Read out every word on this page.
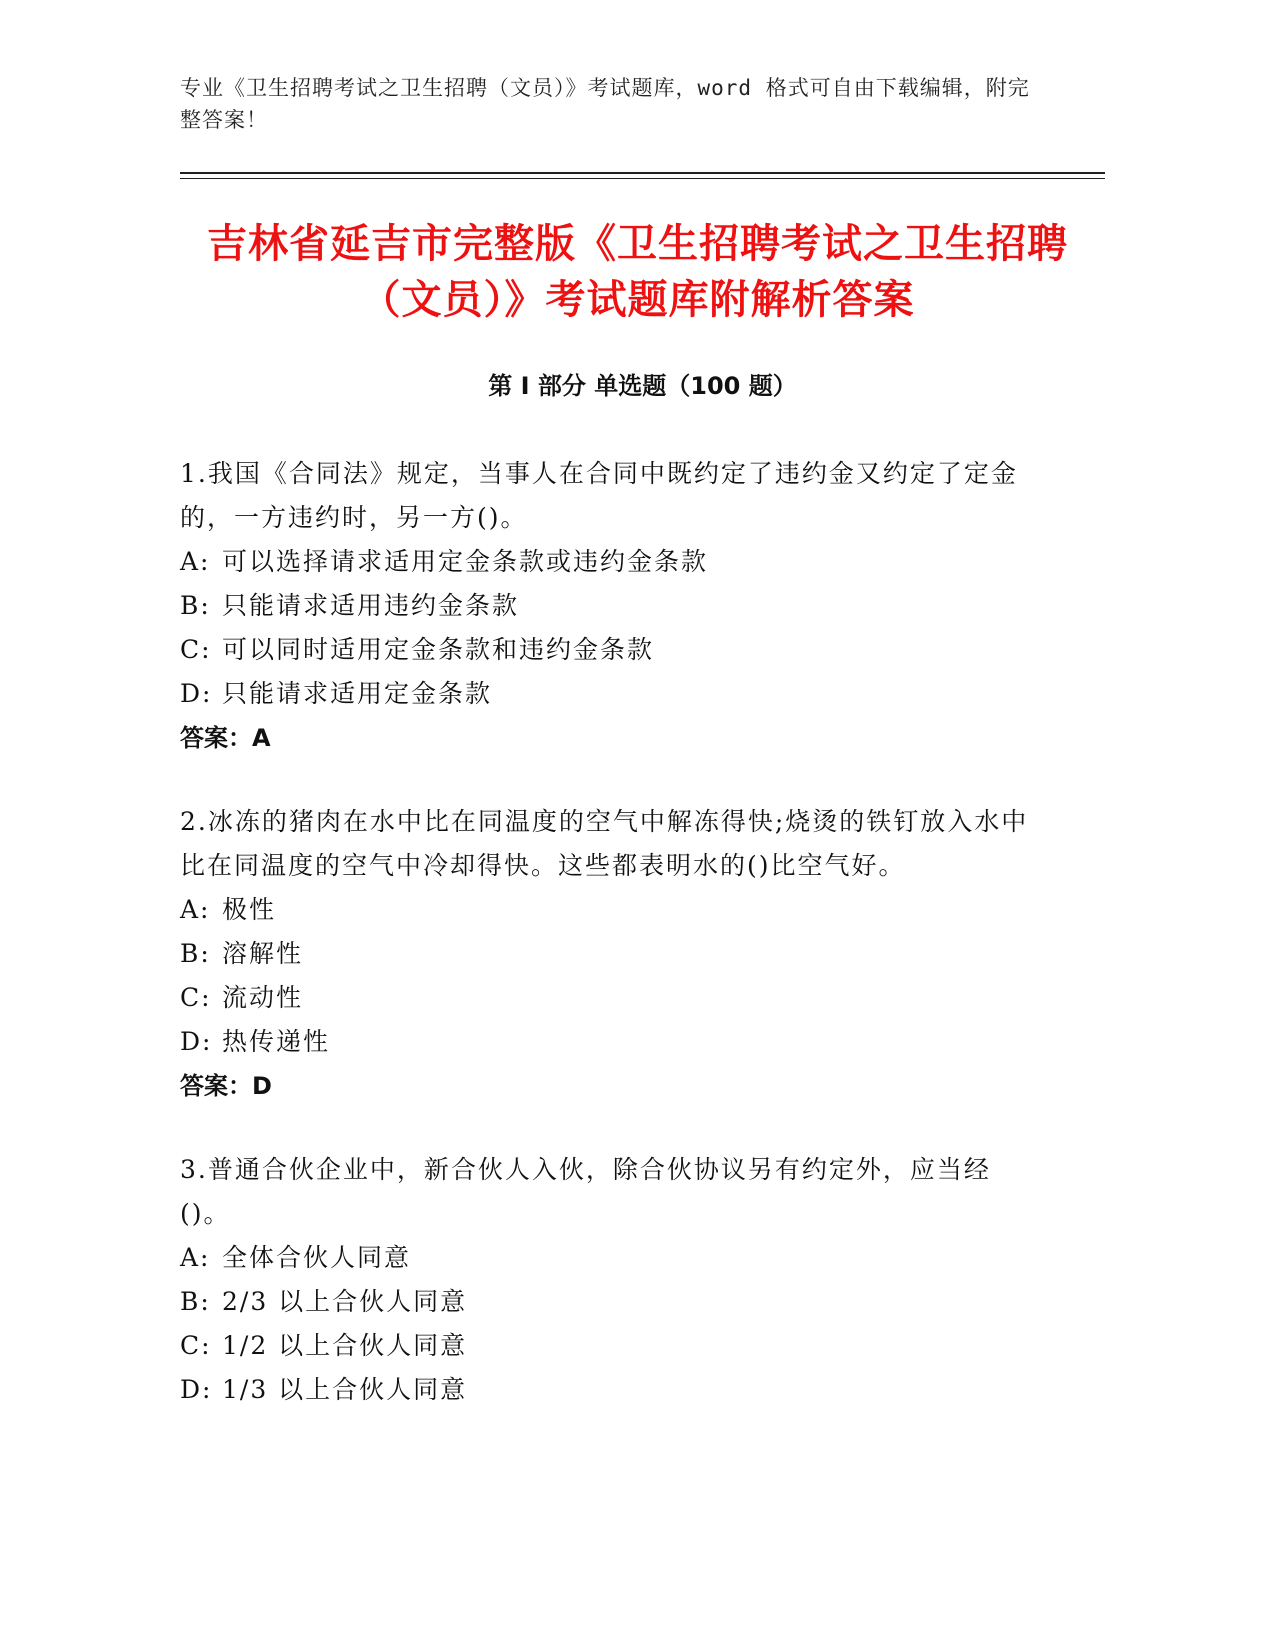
专业《卫生招聘考试之卫生招聘（文员）》考试题库，word 格式可自由下载编辑，附完整答案！
吉林省延吉市完整版《卫生招聘考试之卫生招聘（文员）》考试题库附解析答案
第 I 部分 单选题（100 题）

1.我国《合同法》规定，当事人在合同中既约定了违约金又约定了定金的，一方违约时，另一方()。

A: 可以选择请求适用定金条款或违约金条款

B: 只能请求适用违约金条款

C: 可以同时适用定金条款和违约金条款

D: 只能请求适用定金条款

答案：A

2.冰冻的猪肉在水中比在同温度的空气中解冻得快;烧烫的铁钉放入水中比在同温度的空气中冷却得快。这些都表明水的()比空气好。

A: 极性

B: 溶解性

C: 流动性

D: 热传递性

答案：D

3.普通合伙企业中，新合伙人入伙，除合伙协议另有约定外，应当经()。

A: 全体合伙人同意

B: 2/3 以上合伙人同意

C: 1/2 以上合伙人同意

D: 1/3 以上合伙人同意
